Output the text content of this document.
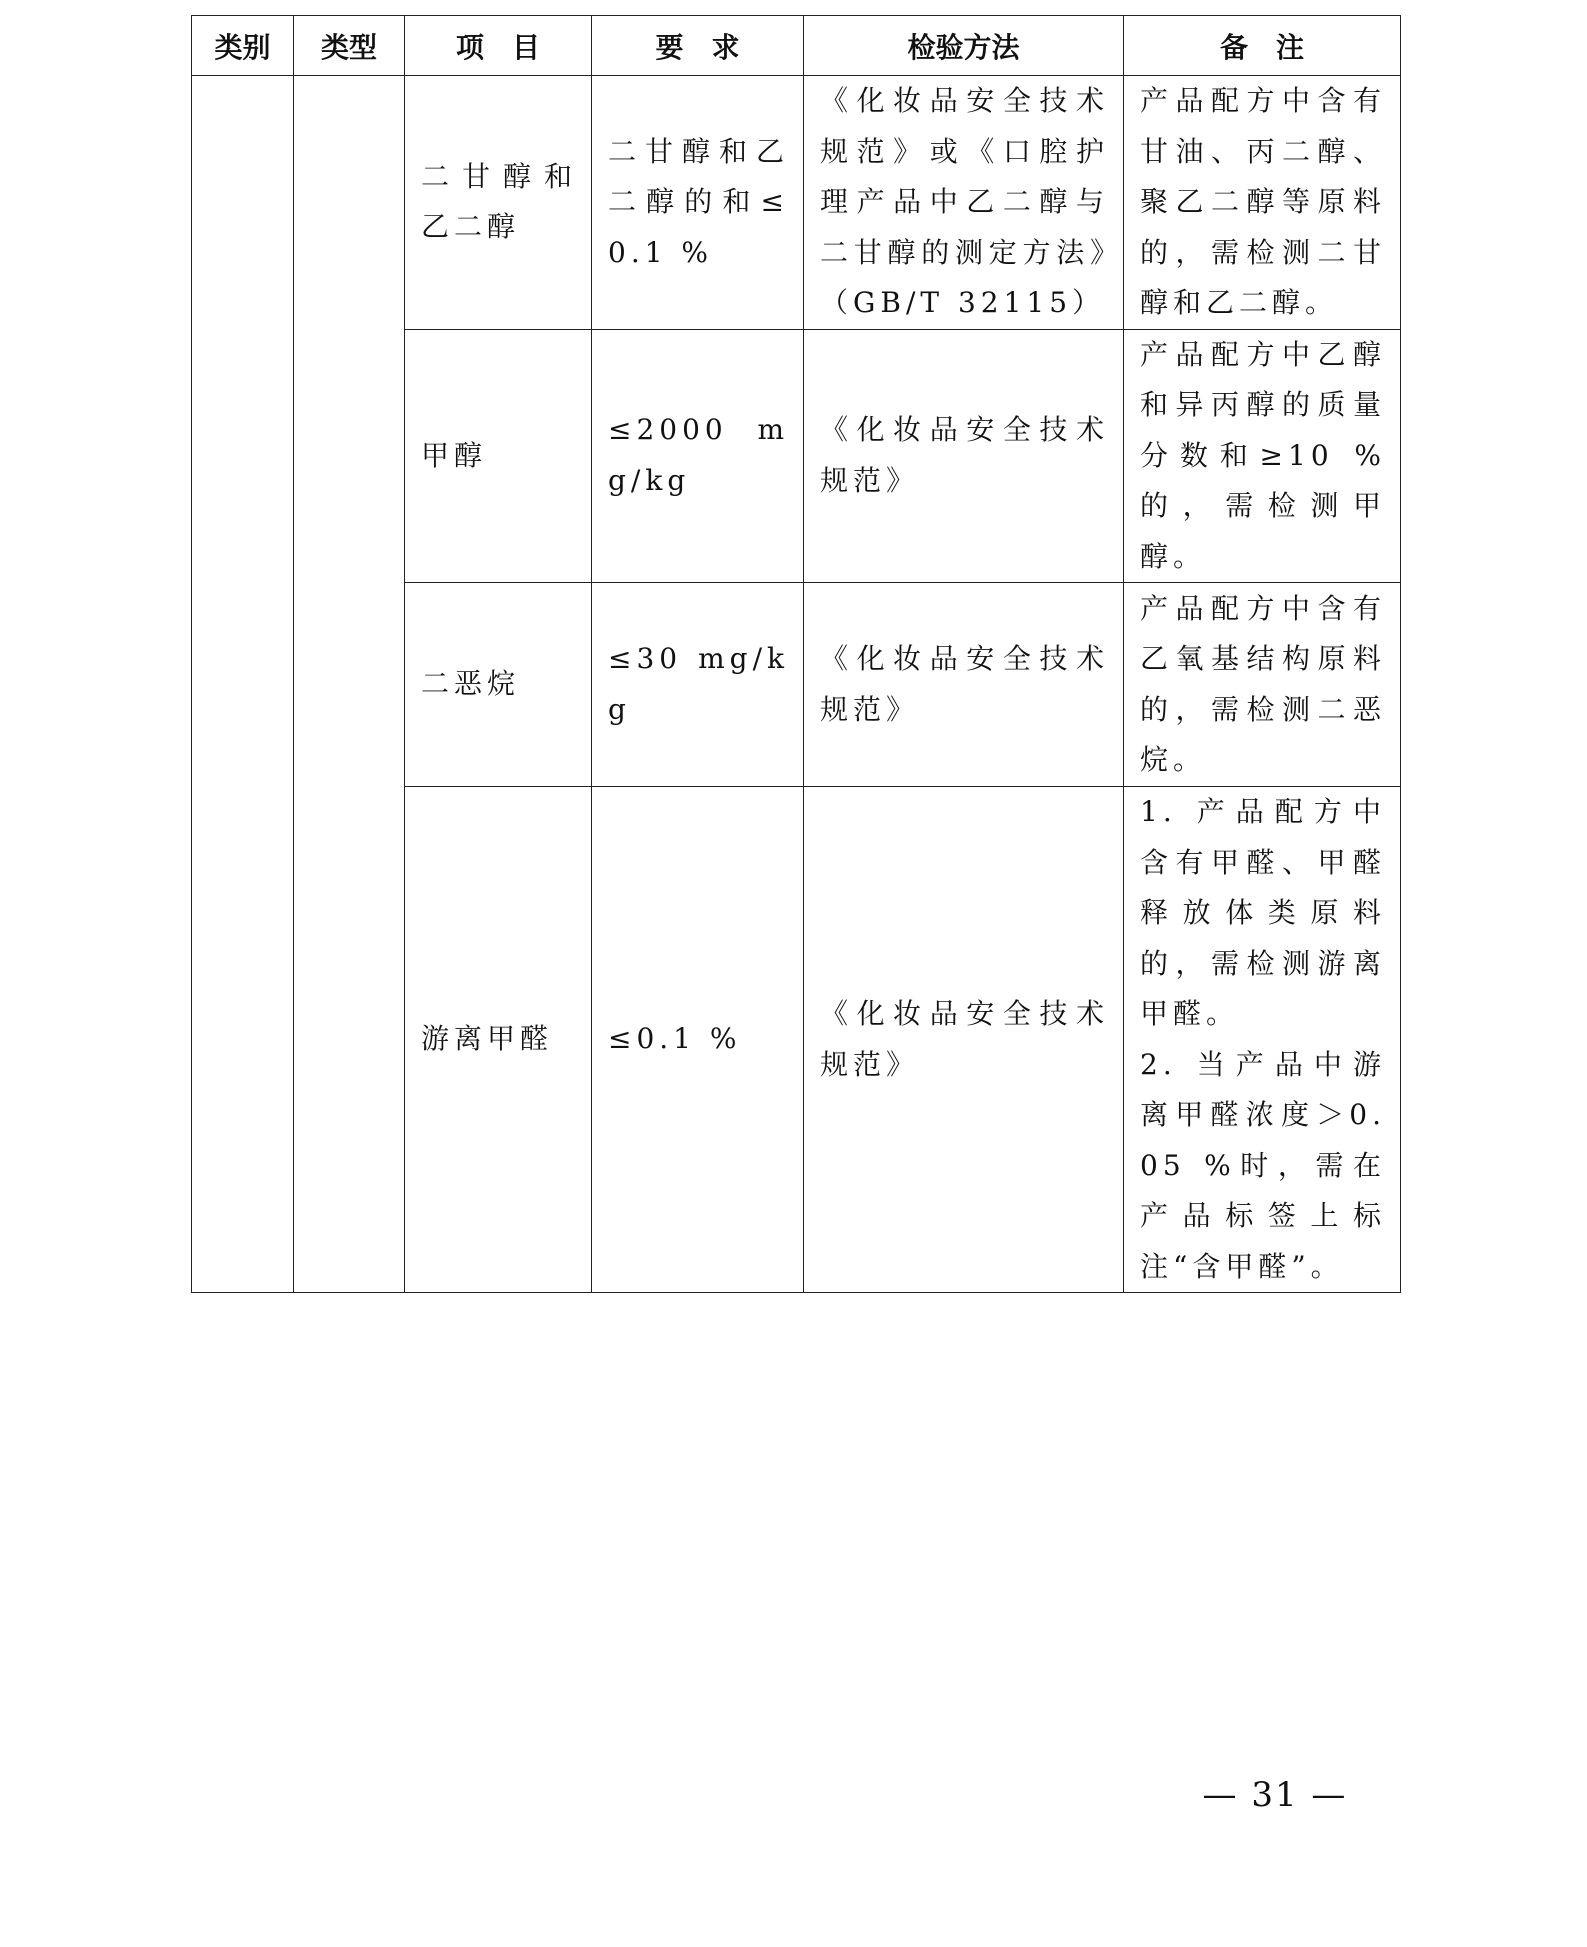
类别	类型	项　目	要　求	检验方法	备　注
		二甘醇和乙二醇	二甘醇和乙二醇的和≤0.1 %	《化妆品安全技术规范》或《口腔护理产品中乙二醇与二甘醇的测定方法》（GB/T 32115）	产品配方中含有甘油、丙二醇、聚乙二醇等原料的，需检测二甘醇和乙二醇。

		甲醇	≤2000 mg/kg	《化妆品安全技术规范》	产品配方中乙醇和异丙醇的质量分数和≥10 %的，需检测甲醇。

		二恶烷	≤30 mg/kg	《化妆品安全技术规范》	产品配方中含有乙氧基结构原料的，需检测二恶烷。

		游离甲醛	≤0.1 %	《化妆品安全技术规范》	1. 产品配方中含有甲醛、甲醛释放体类原料的，需检测游离甲醛。
2. 当产品中游离甲醛浓度＞0.05 %时，需在产品标签上标注“含甲醛”。
— 31 —
